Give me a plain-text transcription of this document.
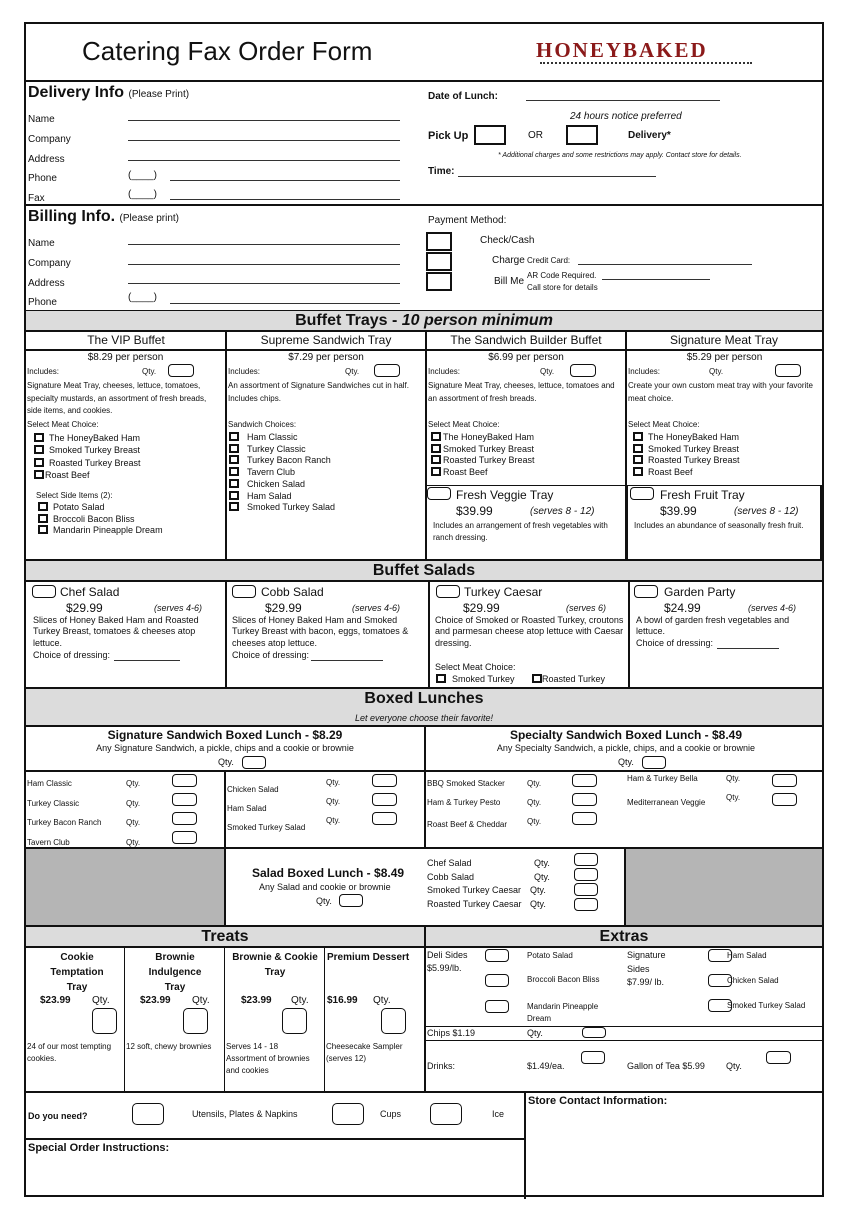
Catering Fax Order Form	HONEYBAKED
Delivery Info (Please Print)
Name
Company
Address
Phone
Fax
(____)
(____)
Date of Lunch:
24 hours notice preferred
Pick Up	OR	Delivery*
* Additional charges and some restrictions may apply. Contact store for details.
Time:
Billing Info. (Please print)
Name
Company
Address
Phone	(____)
Payment Method:
Check/Cash
Charge Credit Card:
Bill Me
AR Code Required.
Call store for details
Buffet Trays - 10 person minimum
The VIP Buffet	Supreme Sandwich Tray	The Sandwich Builder Buffet	Signature Meat Tray
$8.29 per person
Includes:	Qty.
Signature Meat Tray, cheeses, lettuce, tomatoes, specialty mustards, an assortment of fresh breads, side items, and cookies.
Select Meat Choice:
The HoneyBaked Ham
Smoked Turkey Breast
Roasted Turkey Breast
Roast Beef
Select Side Items (2):
Potato Salad
Broccoli Bacon Bliss
Mandarin Pineapple Dream
$7.29 per person
Includes:	Qty.
An assortment of Signature Sandwiches cut in half. Includes chips.
Sandwich Choices:
Ham Classic
Turkey Classic
Turkey Bacon Ranch
Tavern Club
Chicken Salad
Ham Salad
Smoked Turkey Salad
$6.99 per person
Includes:	Qty.
Signature Meat Tray, cheeses, lettuce, tomatoes and an assortment of fresh breads.
Select Meat Choice:
The HoneyBaked Ham
Smoked Turkey Breast
Roasted Turkey Breast
Roast Beef
$5.29 per person
Includes:	Qty.
Create your own custom meat tray with your favorite meat choice.
Select Meat Choice:
The HoneyBaked Ham
Smoked Turkey Breast
Roasted Turkey Breast
Roast Beef
Fresh Veggie Tray
$39.99	(serves 8 - 12)
Includes an arrangement of fresh vegetables with ranch dressing.
Fresh Fruit Tray
$39.99	(serves 8 - 12)
Includes an abundance of seasonally fresh fruit.
Buffet Salads
Chef Salad
$29.99	(serves 4-6)
Slices of Honey Baked Ham and Roasted Turkey Breast, tomatoes & cheeses atop lettuce.
Choice of dressing:
Cobb Salad
$29.99	(serves 4-6)
Slices of Honey Baked Ham and Smoked Turkey Breast with bacon, eggs, tomatoes & cheeses atop lettuce.
Choice of dressing:
Turkey Caesar
$29.99	(serves 6)
Choice of Smoked or Roasted Turkey, croutons and parmesan cheese atop lettuce with Caesar dressing.
Select Meat Choice:
Smoked Turkey	Roasted Turkey
Garden Party
$24.99	(serves 4-6)
A bowl of garden fresh vegetables and lettuce.
Choice of dressing:
Boxed Lunches
Let everyone choose their favorite!
Signature Sandwich Boxed Lunch - $8.29
Any Signature Sandwich, a pickle, chips and a cookie or brownie
Qty.
Specialty Sandwich Boxed Lunch - $8.49
Any Specialty Sandwich, a pickle, chips, and a cookie or brownie
Qty.
Ham Classic
Turkey Classic
Turkey Bacon Ranch
Tavern Club
Qty.
Qty.
Qty.
Qty.
Chicken Salad
Ham Salad
Smoked Turkey Salad
Qty.
Qty.
Qty.
BBQ Smoked Stacker
Ham & Turkey Pesto
Roast Beef & Cheddar
Qty.
Qty.
Qty.
Ham & Turkey Bella
Mediterranean Veggie
Qty.
Qty.
Salad Boxed Lunch - $8.49
Any Salad and cookie or brownie
Qty.
Chef Salad
Cobb Salad
Smoked Turkey Caesar
Roasted Turkey Caesar
Qty.
Qty.
Qty.
Qty.
Treats
Cookie Temptation Tray
$23.99 Qty.
24 of our most tempting cookies.
Brownie Indulgence Tray
$23.99 Qty.
12 soft, chewy brownies
Brownie & Cookie Tray
$23.99 Qty.
Serves 14 - 18 Assortment of brownies and cookies
Premium Dessert
$16.99 Qty.
Cheesecake Sampler (serves 12)
Extras
Deli Sides
$5.99/lb.
Potato Salad
Broccoli Bacon Bliss
Mandarin Pineapple Dream
Signature Sides
$7.99/ lb.
Ham Salad
Chicken Salad
Smoked Turkey Salad
Chips $1.19	Qty.
Drinks:	$1.49/ea.	Gallon of Tea $5.99 Qty.
Do you need?	Utensils, Plates & Napkins	Cups	Ice
Special Order Instructions:
Store Contact Information:
